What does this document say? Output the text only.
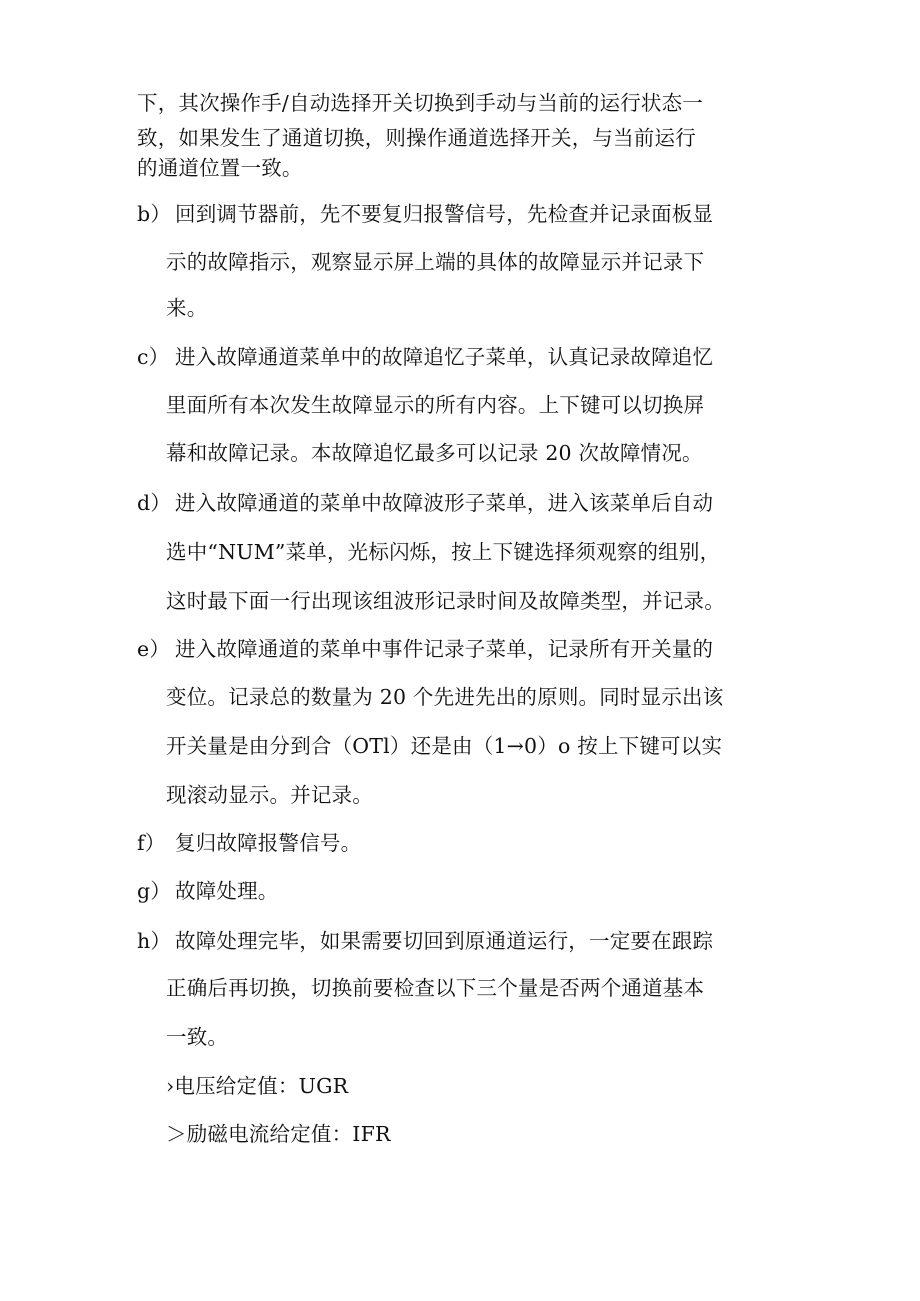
下，其次操作手/自动选择开关切换到手动与当前的运行状态一
致，如果发生了通道切换，则操作通道选择开关，与当前运行
的通道位置一致。
b） 回到调节器前，先不要复归报警信号，先检查并记录面板显
示的故障指示，观察显示屏上端的具体的故障显示并记录下
来。
c） 进入故障通道菜单中的故障追忆子菜单，认真记录故障追忆
里面所有本次发生故障显示的所有内容。上下键可以切换屏
幕和故障记录。本故障追忆最多可以记录 20 次故障情况。
d） 进入故障通道的菜单中故障波形子菜单，进入该菜单后自动
选中“NUM”菜单，光标闪烁，按上下键选择须观察的组别，
这时最下面一行出现该组波形记录时间及故障类型，并记录。
e） 进入故障通道的菜单中事件记录子菜单，记录所有开关量的
变位。记录总的数量为 20 个先进先出的原则。同时显示出该
开关量是由分到合（OTl）还是由（1→0）o 按上下键可以实
现滚动显示。并记录。
f） 复归故障报警信号。
g） 故障处理。
h） 故障处理完毕，如果需要切回到原通道运行，一定要在跟踪
正确后再切换，切换前要检查以下三个量是否两个通道基本
一致。
›电压给定值：UGR
＞励磁电流给定值：IFR
